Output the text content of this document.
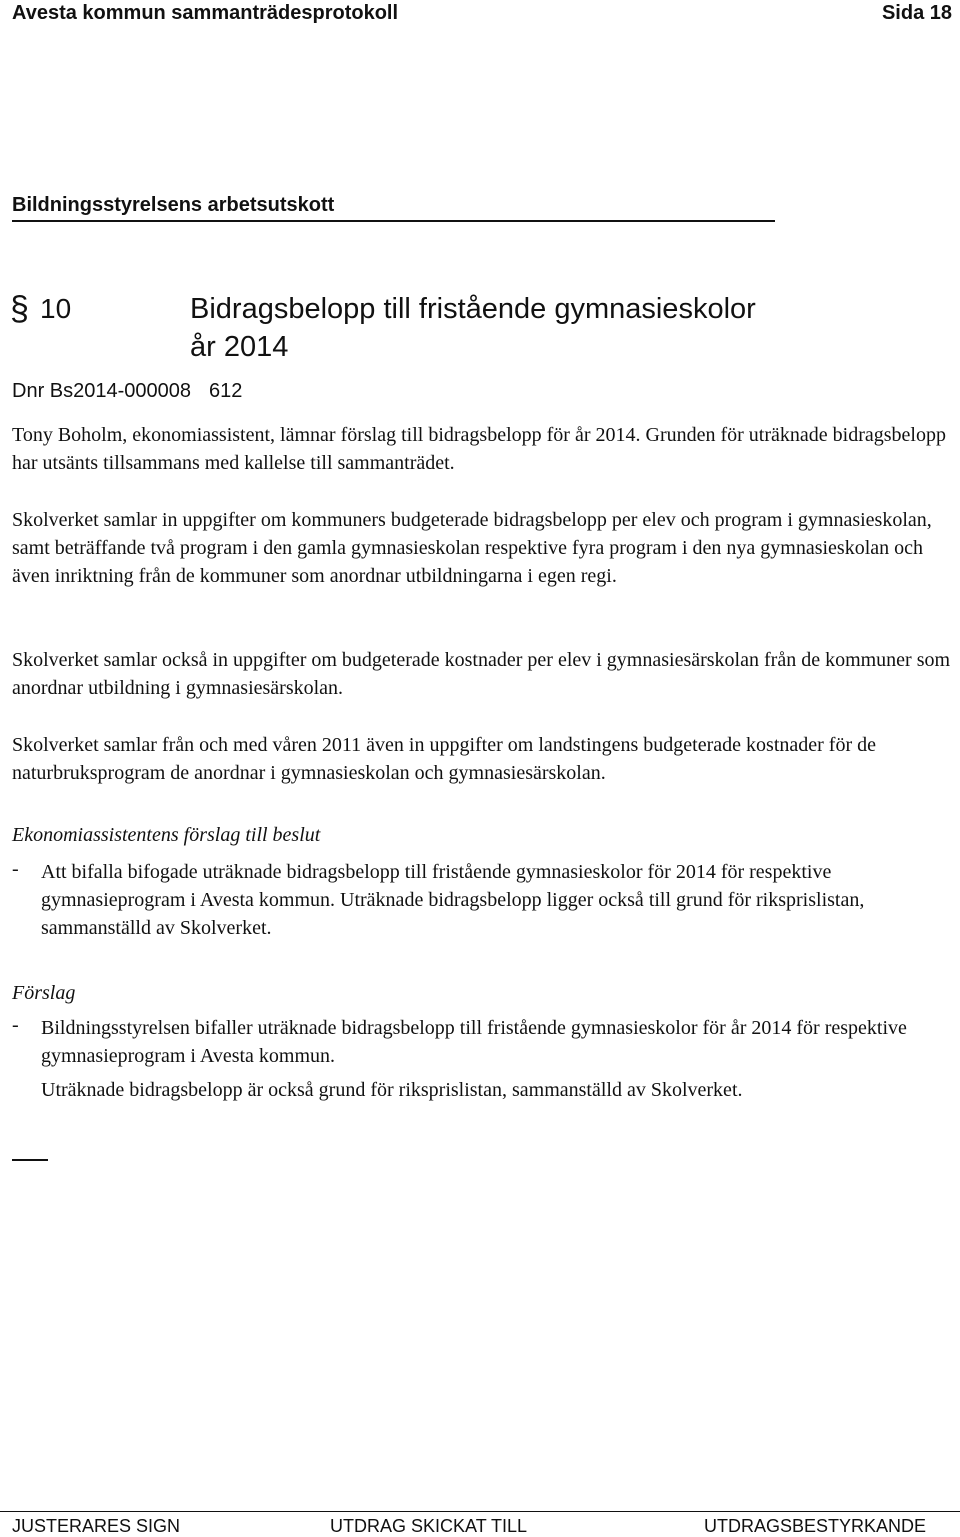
Avesta kommun sammanträdesprotokoll	Sida 18
Bildningsstyrelsens arbetsutskott
§ 10	Bidragsbelopp till fristående gymnasieskolor
år 2014
Dnr Bs2014-000008 612
Tony Boholm, ekonomiassistent, lämnar förslag till bidragsbelopp för år 2014. Grunden för uträknade bidragsbelopp har utsänts tillsammans med kallelse till sammanträdet.
Skolverket samlar in uppgifter om kommuners budgeterade bidragsbelopp per elev och program i gymnasieskolan, samt beträffande två program i den gamla gymnasieskolan respektive fyra program i den nya gymnasieskolan och även inriktning från de kommuner som anordnar utbildningarna i egen regi.
Skolverket samlar också in uppgifter om budgeterade kostnader per elev i gymnasiesärskolan från de kommuner som anordnar utbildning i gymnasiesärskolan.
Skolverket samlar från och med våren 2011 även in uppgifter om landstingens budgeterade kostnader för de naturbruksprogram de anordnar i gymnasieskolan och gymnasiesärskolan.
Ekonomiassistentens förslag till beslut
- Att bifalla bifogade uträknade bidragsbelopp till fristående gymnasieskolor för 2014 för respektive gymnasieprogram i Avesta kommun. Uträknade bidragsbelopp ligger också till grund för riksprislistan, sammanställd av Skolverket.
Förslag
- Bildningsstyrelsen bifaller uträknade bidragsbelopp till fristående gymnasieskolor för år 2014 för respektive gymnasieprogram i Avesta kommun.
Uträknade bidragsbelopp är också grund för riksprislistan, sammanställd av Skolverket.
JUSTERARES SIGN	UTDRAG SKICKAT TILL	UTDRAGSBESTYRKANDE
